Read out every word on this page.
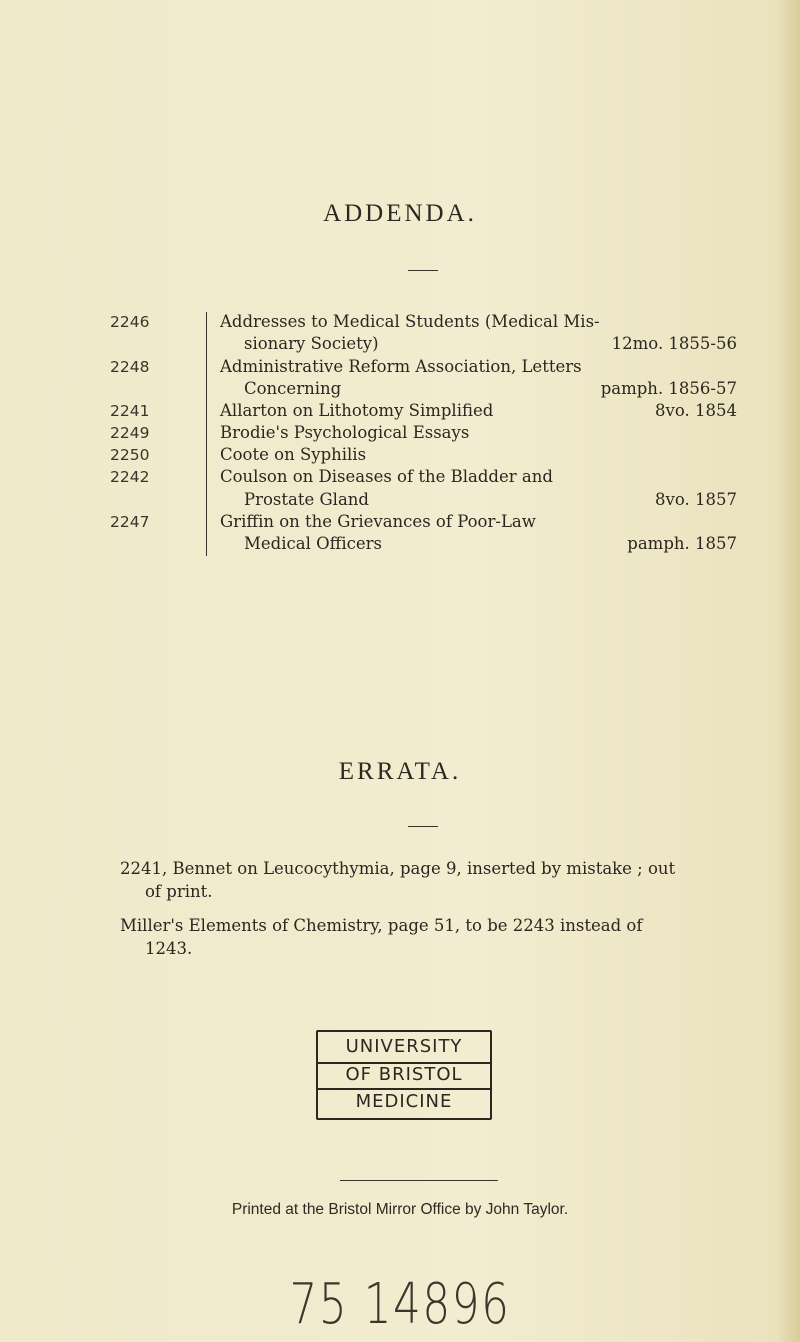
ADDENDA.
2246	Addresses to Medical Students (Medical Mis-
sionary Society)	12mo. 1855-56
2248	Administrative Reform Association, Letters
Concerning	pamph. 1856-57
2241	Allarton on Lithotomy Simplified	8vo. 1854
2249	Brodie's Psychological Essays
2250	Coote on Syphilis
2242	Coulson on Diseases of the Bladder and
Prostate Gland	8vo. 1857
2247	Griffin on the Grievances of Poor-Law
Medical Officers	pamph. 1857
ERRATA.
2241, Bennet on Leucocythymia, page 9, inserted by mistake ; out
of print.
Miller's Elements of Chemistry, page 51, to be 2243 instead of
1243.
UNIVERSITY
OF BRISTOL
MEDICINE
Printed at the Bristol Mirror Office by John Taylor.
75 14896
